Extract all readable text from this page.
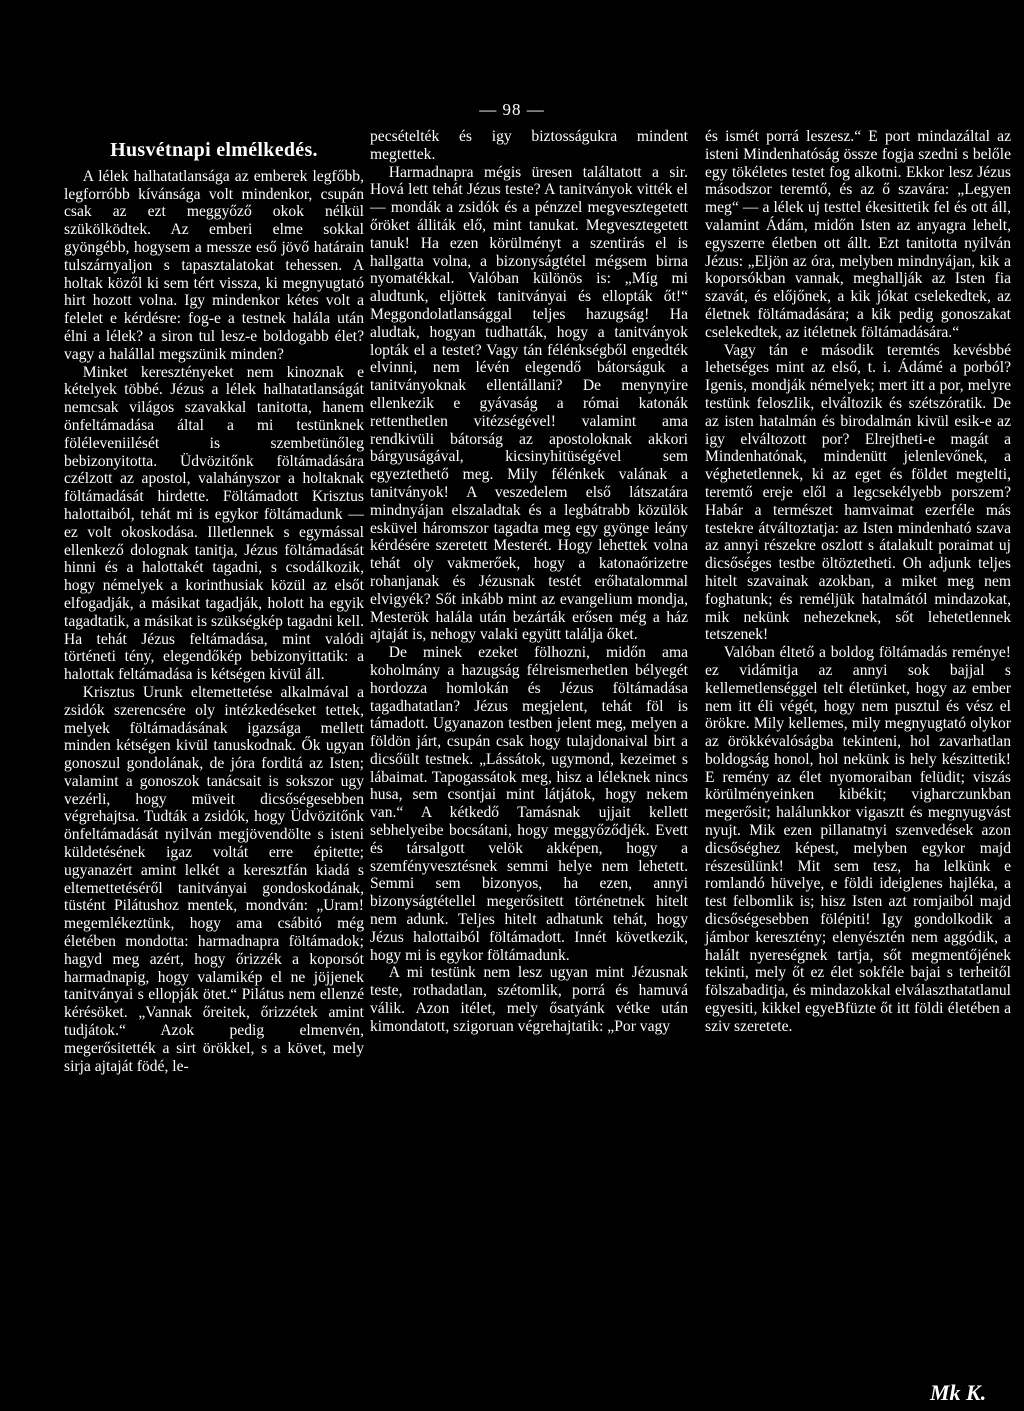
— 98 —
Husvétnapi elmélkedés.

A lélek halhatatlansága az emberek legfőbb, legforróbb kívánsága volt mindenkor, csupán csak az ezt meggyőző okok nélkül szükölködtek. Az emberi elme sokkal gyöngébb, hogysem a messze eső jövő határain tulszárnyaljon s tapasztalatokat tehessen. A holtak közől ki sem tért vissza, ki megnyugtató hirt hozott volna. Igy mindenkor kétes volt a felelet e kérdésre: fog-e a testnek halála után élni a lélek? a siron tul lesz-e boldogabb élet? vagy a halállal megszünik minden?

Minket keresztényeket nem kinoznak e kételyek többé. Jézus a lélek halhatatlanságát nemcsak világos szavakkal tanitotta, hanem önfeltámadása által a mi testünknek föléleveniilését is szembetünőleg bebizonyitotta. Üdvözitőnk föltámadására czélzott az apostol, valahányszor a holtaknak föltámadását hirdette. Föltámadott Krisztus halottaiból, tehát mi is egykor föltámadunk — ez volt okoskodása. Illetlennek s egymással ellenkező dolognak tanitja, Jézus föltámadását hinni és a halottakét tagadni, s csodálkozik, hogy némelyek a korinthusiak közül az elsőt elfogadják, a másikat tagadják, holott ha egyik tagadtatik, a másikat is szükségkép tagadni kell. Ha tehát Jézus feltámadása, mint valódi történeti tény, elegendőkép bebizonyittatik: a halottak feltámadása is kétségen kivül áll.

Krisztus Urunk eltemettetése alkalmával a zsidók szerencsére oly intézkedéseket tettek, melyek föltámadásának igazsága mellett minden kétségen kivül tanuskodnak. Ők ugyan gonoszul gondolának, de jóra forditá az Isten; valamint a gonoszok tanácsait is sokszor ugy vezérli, hogy müveit dicsőségesebben végrehajtsa. Tudták a zsidók, hogy Üdvözitőnk önfeltámadását nyilván megjövendölte s isteni küldetésének igaz voltát erre épitette; ugyanazért amint lelkét a keresztfán kiadá s eltemettetéséről tanitványai gondoskodának, tüstént Pilátushoz mentek, mondván: „Uram! megemlékeztünk, hogy ama csábitó még életében mondotta: harmadnapra föltámadok; hagyd meg azért, hogy őrizzék a koporsót harmadnapig, hogy valamikép el ne jöjjenek tanitványai s ellopják ötet.“ Pilátus nem ellenzé kérésöket. „Vannak őreitek, őrizzétek amint tudjátok.“ Azok pedig elmenvén, megerősitették a sirt örökkel, s a követ, mely sirja ajtaját födé, le-

pecsételték és igy biztosságukra mindent megtettek.

Harmadnapra mégis üresen találtatott a sir. Hová lett tehát Jézus teste? A tanitványok vitték el — mondák a zsidók és a pénzzel megvesztegetett őröket álliták elő, mint tanukat. Megvesztegetett tanuk! Ha ezen körülményt a szentirás el is hallgatta volna, a bizonyságtétel mégsem birna nyomatékkal. Valóban különös is: „Míg mi aludtunk, eljöttek tanitványai és ellopták őt!“ Meggondolatlansággal teljes hazugság! Ha aludtak, hogyan tudhatták, hogy a tanitványok lopták el a testet? Vagy tán félénkségből engedték elvinni, nem lévén elegendő bátorságuk a tanitványoknak ellentállani? De menynyire ellenkezik e gyávaság a római katonák rettenthetlen vitézségével! valamint ama rendkivüli bátorság az apostoloknak akkori bárgyuságával, kicsinyhitüségével sem egyeztethető meg. Mily félénkek valának a tanitványok! A veszedelem első látszatára mindnyájan elszaladtak és a legbátrabb közülök esküvel háromszor tagadta meg egy gyönge leány kérdésére szeretett Mesterét. Hogy lehettek volna tehát oly vakmerőek, hogy a katonaőrizetre rohanjanak és Jézusnak testét erőhatalommal elvigyék? Sőt inkább mint az evangelium mondja, Mesterök halála után bezárták erősen még a ház ajtaját is, nehogy valaki együtt találja őket.

De minek ezeket fölhozni, midőn ama koholmány a hazugság félreismerhetlen bélyegét hordozza homlokán és Jézus föltámadása tagadhatatlan? Jézus megjelent, tehát föl is támadott. Ugyanazon testben jelent meg, melyen a földön járt, csupán csak hogy tulajdonaival birt a dicsőült testnek. „Lássátok, ugymond, kezeimet s lábaimat. Tapogassátok meg, hisz a léleknek nincs husa, sem csontjai mint látjátok, hogy nekem van.“ A kétkedő Tamásnak ujjait kellett sebhelyeibe bocsátani, hogy meggyőződjék. Evett és társalgott velök akképen, hogy a szemfényvesztésnek semmi helye nem lehetett. Semmi sem bizonyos, ha ezen, annyi bizonyságtétellel megerősitett történetnek hitelt nem adunk. Teljes hitelt adhatunk tehát, hogy Jézus halottaiból föltámadott. Innét következik, hogy mi is egykor föltámadunk.

A mi testünk nem lesz ugyan mint Jézusnak teste, rothadatlan, szétomlik, porrá és hamuvá válik. Azon itélet, mely ősatyánk vétke után kimondatott, szigoruan végrehajtatik: „Por vagy

és ismét porrá leszesz.“ E port mindazáltal az isteni Mindenhatóság össze fogja szedni s belőle egy tökéletes testet fog alkotni. Ekkor lesz Jézus másodszor teremtő, és az ő szavára: „Legyen meg“ — a lélek uj testtel ékesittetik fel és ott áll, valamint Ádám, midőn Isten az anyagra lehelt, egyszerre életben ott állt. Ezt tanitotta nyilván Jézus: „Eljön az óra, melyben mindnyájan, kik a koporsókban vannak, meghallják az Isten fia szavát, és előjőnek, a kik jókat cselekedtek, az életnek föltámadására; a kik pedig gonoszakat cselekedtek, az itéletnek föltámadására.“

Vagy tán e második teremtés kevésbbé lehetséges mint az első, t. i. Ádámé a porból? Igenis, mondják némelyek; mert itt a por, melyre testünk feloszlik, elváltozik és szétszóratik. De az isten hatalmán és birodalmán kivül esik-e az igy elváltozott por? Elrejtheti-e magát a Mindenhatónak, mindenütt jelenlevőnek, a véghetetlennek, ki az eget és földet megtelti, teremtő ereje elől a legcsekélyebb porszem? Habár a természet hamvaimat ezerféle más testekre átváltoztatja: az Isten mindenható szava az annyi részekre oszlott s átalakult poraimat uj dicsőséges testbe öltöztetheti. Oh adjunk teljes hitelt szavainak azokban, a miket meg nem foghatunk; és reméljük hatalmától mindazokat, mik nekünk nehezeknek, sőt lehetetlennek tetszenek!

Valóban éltető a boldog föltámadás reménye! ez vidámitja az annyi sok bajjal s kellemetlenséggel telt életünket, hogy az ember nem itt éli végét, hogy nem pusztul és vész el örökre. Mily kellemes, mily megnyugtató olykor az örökkévalóságba tekinteni, hol zavarhatlan boldogság honol, hol nekünk is hely készittetik! E remény az élet nyomoraiban felüdit; viszás körülményeinken kibékit; vigharczunkban megerősit; halálunkkor vigasztt és megnyugvást nyujt. Mik ezen pillanatnyi szenvedések azon dicsőséghez képest, melyben egykor majd részesülünk! Mit sem tesz, ha lelkünk e romlandó hüvelye, e földi ideiglenes hajléka, a test felbomlik is; hisz Isten azt romjaiból majd dicsőségesebben fölépiti! Igy gondolkodik a jámbor keresztény; elenyésztén nem aggódik, a halált nyereségnek tartja, sőt megmentőjének tekinti, mely őt ez élet sokféle bajai s terheitől fölszabaditja, és mindazokkal elválaszthatatlanul egyesiti, kikkel egyeBfüzte őt itt földi életében a sziv szeretete.

Mk K.
